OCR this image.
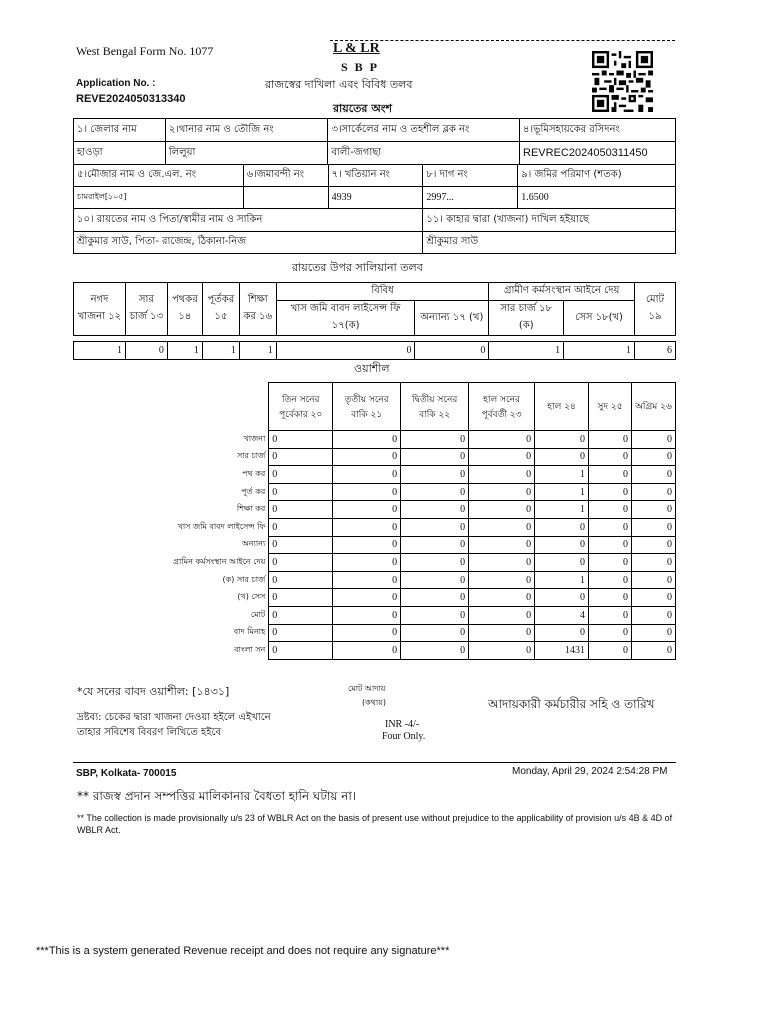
West Bengal Form No. 1077	L & LR
S B P
Application No. :
REVE2024050313340
রাজস্বের দাখিলা এবং বিবিধ তলব
রায়তের অংশ
১। জেলার নাম	২।থানার নাম ও তৌজি নং	৩।সার্কেলের নাম ও তহশীল ব্লক নং	৪।ভূমিসহায়কের রসিদনং
হাওড়া	লিলুয়া	বালী-জগাছা	REVREC2024050311450
৫।মৌজার নাম ও জে.এল. নং	৬।জমাবন্দী নং	৭। খতিয়ান নং	৮। দাগ নং	৯। জমির পরিমাণ (শতক)
চামরাইল[১০৫]		4939	2997...	1.6500
১০। রায়তের নাম ও পিতা/স্বামীর নাম ও সাকিন	১১। কাহার দ্বারা (খাজনা) দাখিল হইয়াছে
শ্রীকুমার সাউ, পিতা- রাজেন্দ্র, ঠিকানা-নিজ	শ্রীকুমার সাউ
রায়তের উপর সালিয়ানা তলব
নগদ খাজনা ১২	সার চার্জ ১৩	পথকর ১৪	পূর্তকর ১৫	শিক্ষা কর ১৬	বিবিধ		গ্রামীণ কর্মসংস্থান আইনে দেয়		মোট ১৯
					খাস জমি বাবদ লাইসেন্স ফি ১৭(ক)	অন্যান্য ১৭ (খ)	সার চার্জ ১৮ (ক)	সেস ১৮(খ)	

1	0	1	1	1	0	0	1	1	6
ওয়াশীল
	তিন সনের পূর্বেকার ২০	তৃতীয় সনের বাকি ২১	দ্বিতীয় সনের বাকি ২২	হাল সনের পূর্ববর্তী ২৩	হাল ২৪	সুদ ২৫	অগ্রিম ২৬
খাজনা	0	0	0	0	0	0	0
সার চার্জ	0	0	0	0	0	0	0
পথ কর	0	0	0	0	1	0	0
পূর্ত কর	0	0	0	0	1	0	0
শিক্ষা কর	0	0	0	0	1	0	0
খাস জমি বাবদ লাইসেন্স ফি	0	0	0	0	0	0	0
অন্যান্য	0	0	0	0	0	0	0
গ্রামিন কর্মসংস্থান আইনে দেয়	0	0	0	0	0	0	0
(ক) সার চার্জ	0	0	0	0	1	0	0
(খ) সেস	0	0	0	0	0	0	0
মোট	0	0	0	0	4	0	0
বাদ মিনাহ	0	0	0	0	0	0	0
বাংলা সন	0	0	0	0	1431	0	0
*যে সনের বাবদ ওয়াশীল: [১৪৩১]	মোট আদায়
(কথায়)
INR -4/-
Four Only.
আদায়কারী কর্মচারীর সহি ও তারিখ
দ্রষ্টব্য: চেকের দ্বারা খাজনা দেওয়া হইলে এইখানে তাহার সবিশেষ বিবরণ লিখিতে হইবে
SBP, Kolkata- 700015	Monday, April 29, 2024 2:54:28 PM
** রাজস্ব প্রদান সম্পত্তির মালিকানার বৈধতা হানি ঘটায় না।
** The collection is made provisionally u/s 23 of WBLR Act on the basis of present use without prejudice to the applicability of provision u/s 4B & 4D of WBLR Act.
***This is a system generated Revenue receipt and does not require any signature***
